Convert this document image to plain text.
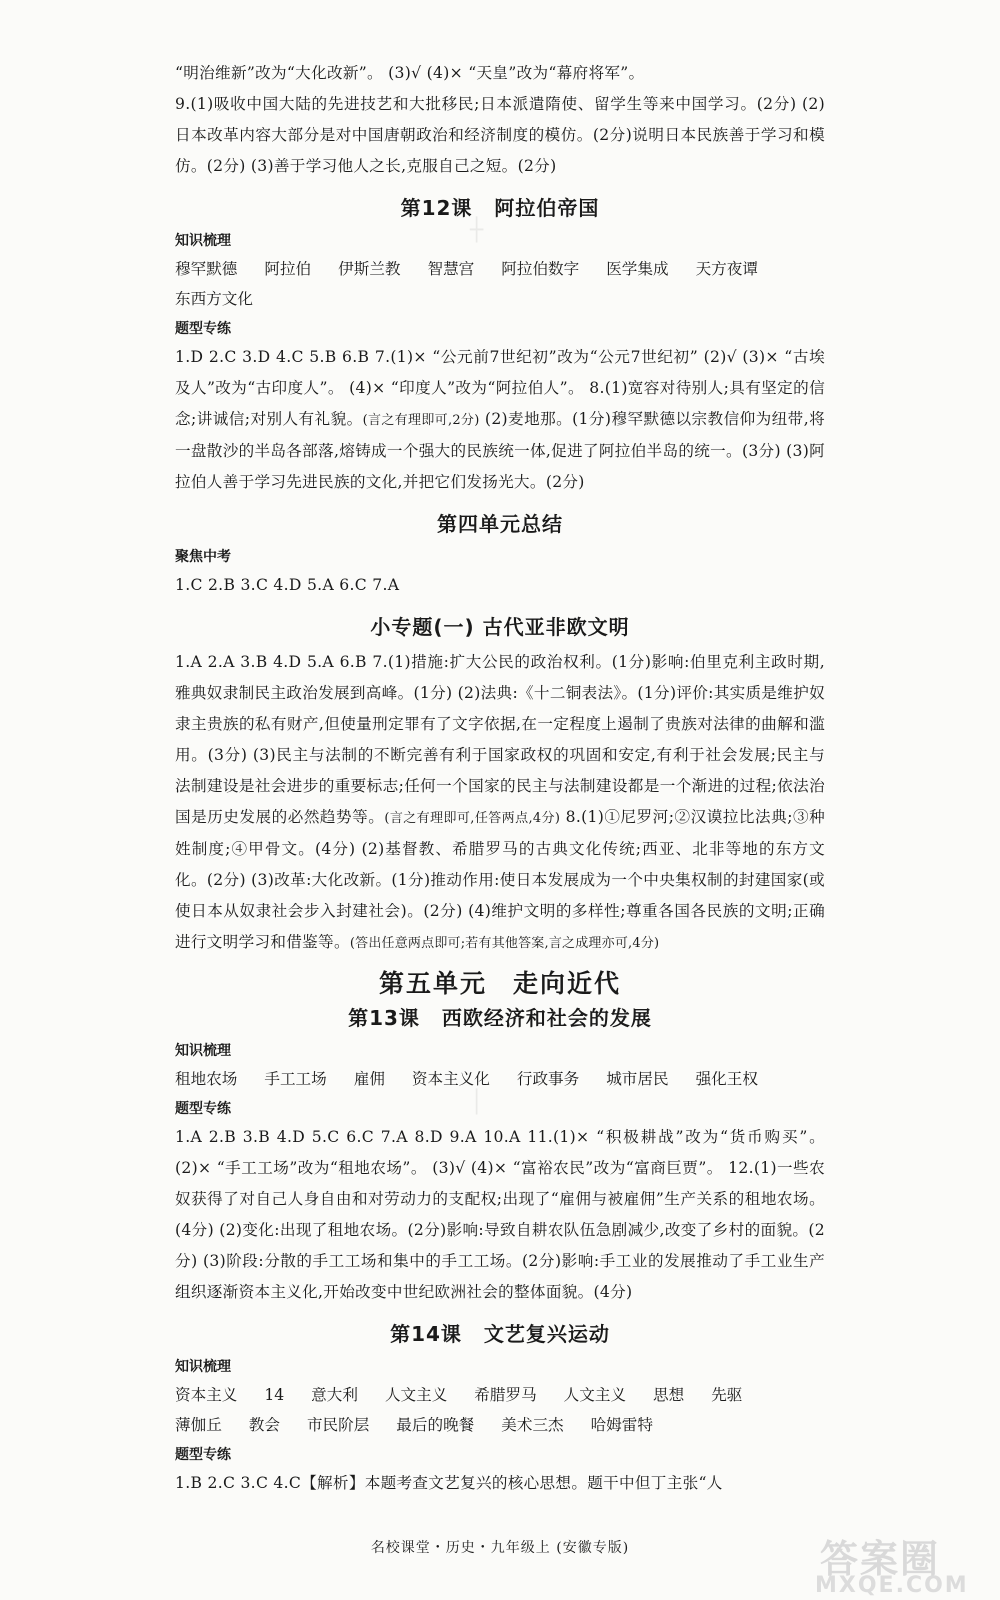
┼
│

“明治维新”改为“大化改新”。 (3)√ (4)× “天皇”改为“幕府将军”。

9.(1)吸收中国大陆的先进技艺和大批移民;日本派遣隋使、留学生等来中国学习。(2分) (2)日本改革内容大部分是对中国唐朝政治和经济制度的模仿。(2分)说明日本民族善于学习和模仿。(2分) (3)善于学习他人之长,克服自己之短。(2分)

第12课 阿拉伯帝国
知识梳理
穆罕默德 阿拉伯 伊斯兰教 智慧宫 阿拉伯数字 医学集成 天方夜谭 东西方文化
题型专练

1.D 2.C 3.D 4.C 5.B 6.B 7.(1)× “公元前7世纪初”改为“公元7世纪初” (2)√ (3)× “古埃及人”改为“古印度人”。 (4)× “印度人”改为“阿拉伯人”。 8.(1)宽容对待别人;具有坚定的信念;讲诚信;对别人有礼貌。(言之有理即可,2分) (2)麦地那。(1分)穆罕默德以宗教信仰为纽带,将一盘散沙的半岛各部落,熔铸成一个强大的民族统一体,促进了阿拉伯半岛的统一。(3分) (3)阿拉伯人善于学习先进民族的文化,并把它们发扬光大。(2分)

第四单元总结
聚焦中考

1.C 2.B 3.C 4.D 5.A 6.C 7.A

小专题(一) 古代亚非欧文明

1.A 2.A 3.B 4.D 5.A 6.B 7.(1)措施:扩大公民的政治权利。(1分)影响:伯里克利主政时期,雅典奴隶制民主政治发展到高峰。(1分) (2)法典:《十二铜表法》。(1分)评价:其实质是维护奴隶主贵族的私有财产,但使量刑定罪有了文字依据,在一定程度上遏制了贵族对法律的曲解和滥用。(3分) (3)民主与法制的不断完善有利于国家政权的巩固和安定,有利于社会发展;民主与法制建设是社会进步的重要标志;任何一个国家的民主与法制建设都是一个渐进的过程;依法治国是历史发展的必然趋势等。(言之有理即可,任答两点,4分) 8.(1)①尼罗河;②汉谟拉比法典;③种姓制度;④甲骨文。(4分) (2)基督教、希腊罗马的古典文化传统;西亚、北非等地的东方文化。(2分) (3)改革:大化改新。(1分)推动作用:使日本发展成为一个中央集权制的封建国家(或使日本从奴隶社会步入封建社会)。(2分) (4)维护文明的多样性;尊重各国各民族的文明;正确进行文明学习和借鉴等。(答出任意两点即可;若有其他答案,言之成理亦可,4分)

第五单元 走向近代
第13课 西欧经济和社会的发展
知识梳理
租地农场 手工工场 雇佣 资本主义化 行政事务 城市居民 强化王权
题型专练

1.A 2.B 3.B 4.D 5.C 6.C 7.A 8.D 9.A 10.A 11.(1)× “积极耕战”改为“货币购买”。 (2)× “手工工场”改为“租地农场”。 (3)√ (4)× “富裕农民”改为“富商巨贾”。 12.(1)一些农奴获得了对自己人身自由和对劳动力的支配权;出现了“雇佣与被雇佣”生产关系的租地农场。(4分) (2)变化:出现了租地农场。(2分)影响:导致自耕农队伍急剧减少,改变了乡村的面貌。(2分) (3)阶段:分散的手工工场和集中的手工工场。(2分)影响:手工业的发展推动了手工业生产组织逐渐资本主义化,开始改变中世纪欧洲社会的整体面貌。(4分)

第14课 文艺复兴运动
知识梳理
资本主义 14 意大利 人文主义 希腊罗马 人文主义 思想 先驱 薄伽丘 教会 市民阶层 最后的晚餐 美术三杰 哈姆雷特
题型专练

1.B 2.C 3.C 4.C【解析】本题考查文艺复兴的核心思想。题干中但丁主张“人

名校课堂・历史・九年级上 (安徽专版)	答案圈
MXQE.COM
